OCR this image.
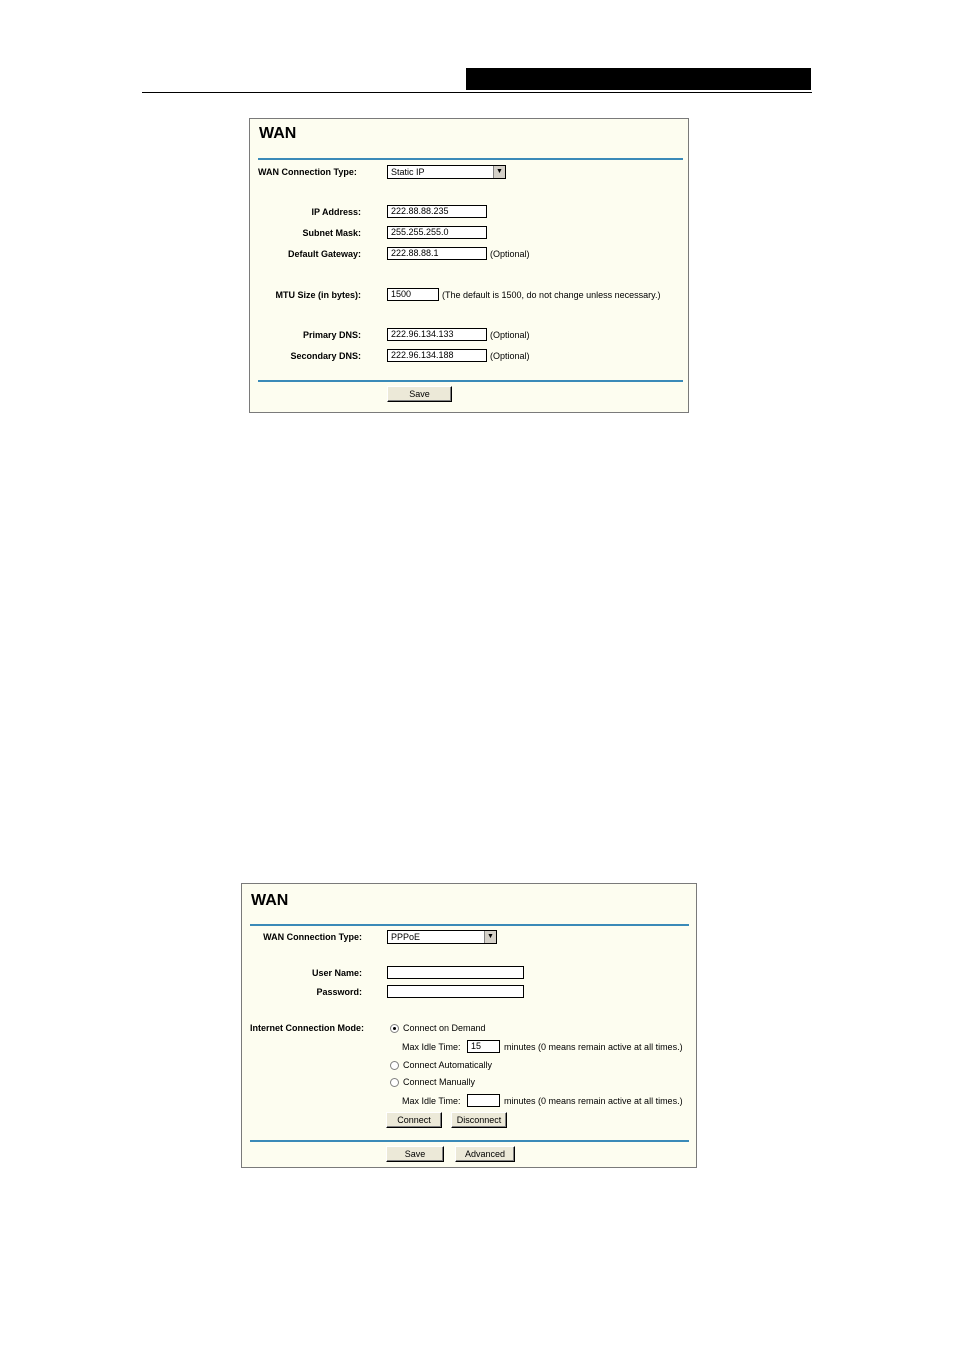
WAN
WAN Connection Type:	Static IP	▼
IP Address:	222.88.88.235
Subnet Mask:	255.255.255.0
Default Gateway:	222.88.88.1	(Optional)
MTU Size (in bytes):	1500	(The default is 1500, do not change unless necessary.)
Primary DNS:	222.96.134.133	(Optional)
Secondary DNS:	222.96.134.188	(Optional)
Save
WAN
WAN Connection Type:	PPPoE	▼
User Name:
Password:
Internet Connection Mode:	Connect on Demand
Max Idle Time:	15	minutes (0 means remain active at all times.)
Connect Automatically
Connect Manually
Max Idle Time:	minutes (0 means remain active at all times.)
Connect	Disconnect
Save	Advanced
